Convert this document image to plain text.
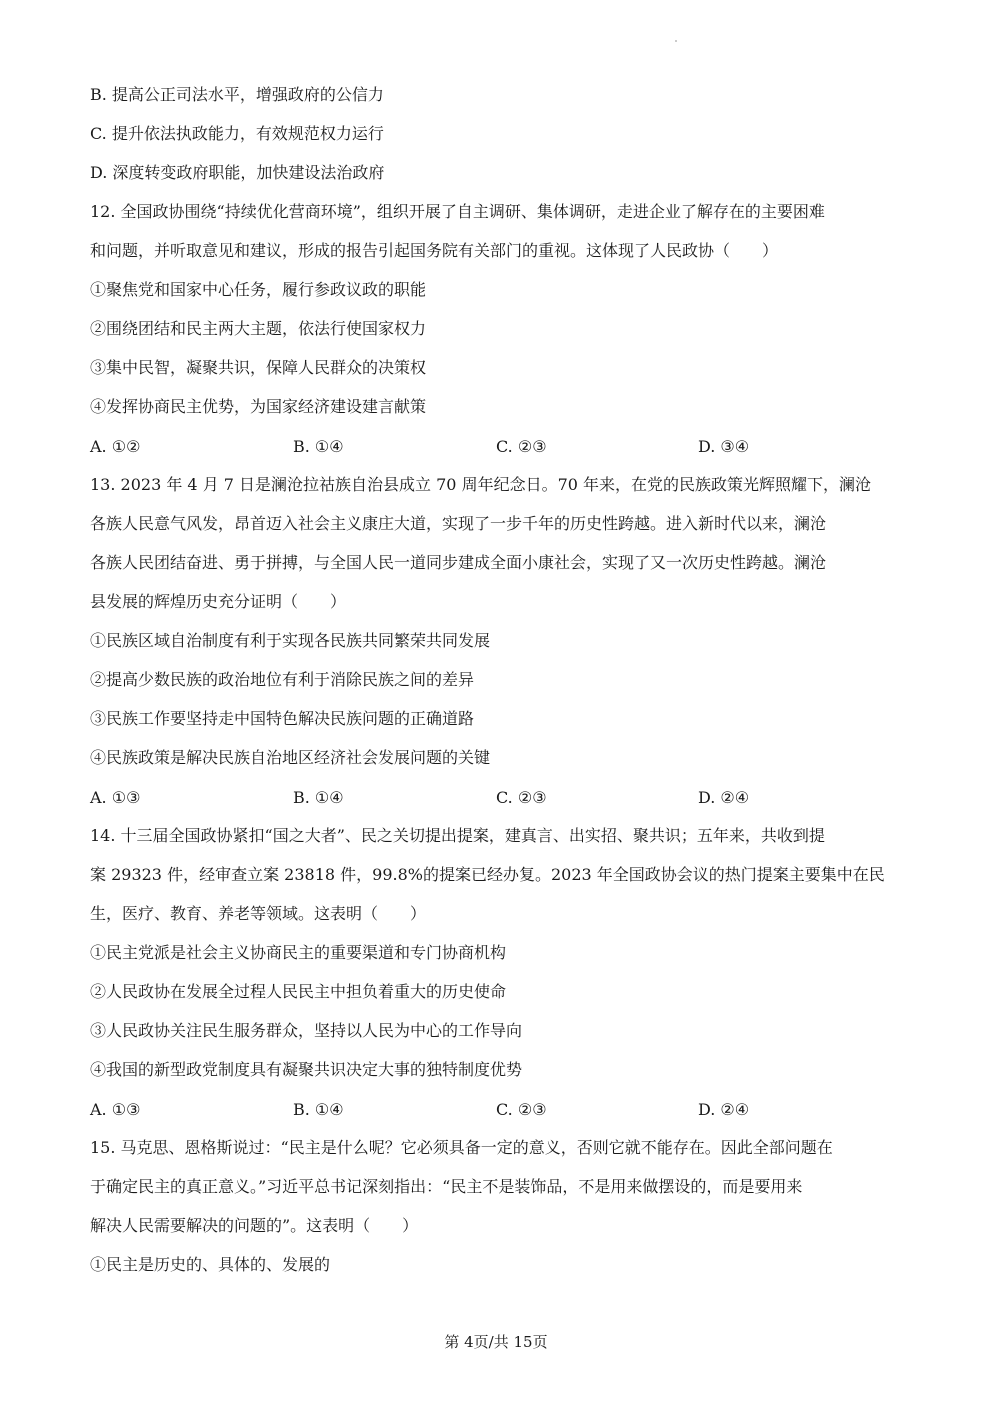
B. 提高公正司法水平，增强政府的公信力
C. 提升依法执政能力，有效规范权力运行
D. 深度转变政府职能，加快建设法治政府
12. 全国政协围绕“持续优化营商环境”，组织开展了自主调研、集体调研，走进企业了解存在的主要困难
和问题，并听取意见和建议，形成的报告引起国务院有关部门的重视。这体现了人民政协（　　）
①聚焦党和国家中心任务，履行参政议政的职能
②围绕团结和民主两大主题，依法行使国家权力
③集中民智，凝聚共识，保障人民群众的决策权
④发挥协商民主优势，为国家经济建设建言献策
A. ①②	B. ①④	C. ②③	D. ③④
13. 2023 年 4 月 7 日是澜沧拉祜族自治县成立 70 周年纪念日。70 年来，在党的民族政策光辉照耀下，澜沧
各族人民意气风发，昂首迈入社会主义康庄大道，实现了一步千年的历史性跨越。进入新时代以来，澜沧
各族人民团结奋进、勇于拼搏，与全国人民一道同步建成全面小康社会，实现了又一次历史性跨越。澜沧
县发展的辉煌历史充分证明（　　）
①民族区域自治制度有利于实现各民族共同繁荣共同发展
②提高少数民族的政治地位有利于消除民族之间的差异
③民族工作要坚持走中国特色解决民族问题的正确道路
④民族政策是解决民族自治地区经济社会发展问题的关键
A. ①③	B. ①④	C. ②③	D. ②④
14. 十三届全国政协紧扣“国之大者”、民之关切提出提案，建真言、出实招、聚共识；五年来，共收到提
案 29323 件，经审查立案 23818 件，99.8%的提案已经办复。2023 年全国政协会议的热门提案主要集中在民
生，医疗、教育、养老等领域。这表明（　　）
①民主党派是社会主义协商民主的重要渠道和专门协商机构
②人民政协在发展全过程人民民主中担负着重大的历史使命
③人民政协关注民生服务群众，坚持以人民为中心的工作导向
④我国的新型政党制度具有凝聚共识决定大事的独特制度优势
A. ①③	B. ①④	C. ②③	D. ②④
15. 马克思、恩格斯说过：“民主是什么呢？它必须具备一定的意义，否则它就不能存在。因此全部问题在
于确定民主的真正意义。”习近平总书记深刻指出：“民主不是装饰品，不是用来做摆设的，而是要用来
解决人民需要解决的问题的”。这表明（　　）
①民主是历史的、具体的、发展的
第 4页/共 15页
